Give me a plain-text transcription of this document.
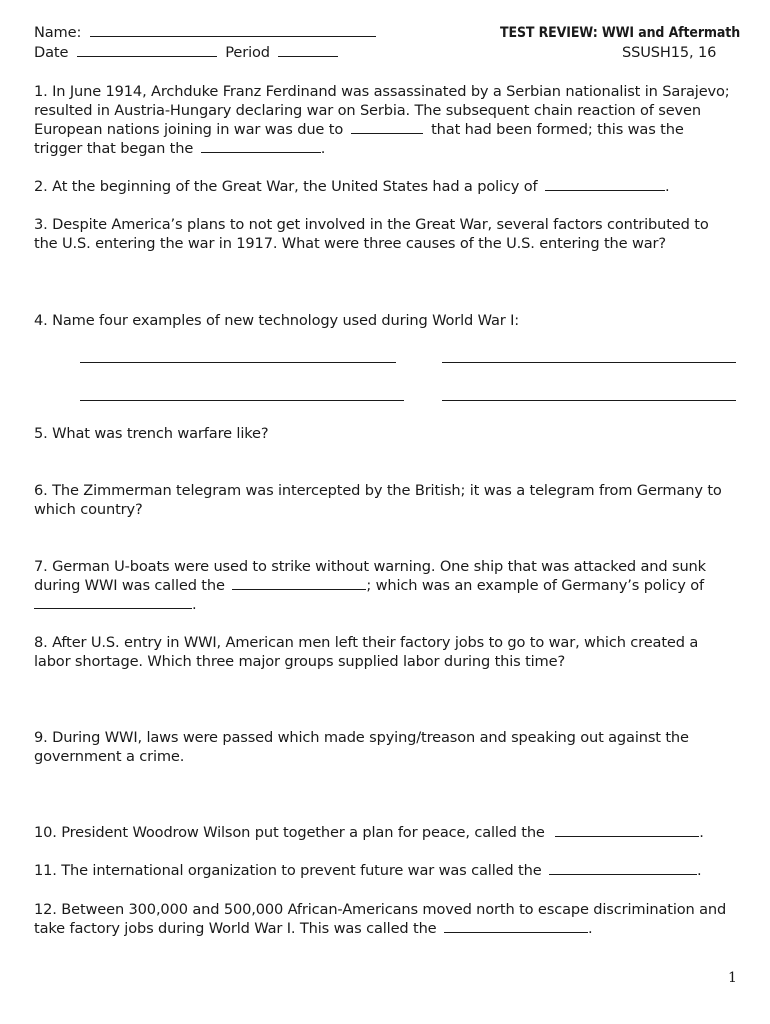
Name:	TEST REVIEW: WWI and Aftermath
Date	Period	SSUSH15, 16
1. In June 1914, Archduke Franz Ferdinand was assassinated by a Serbian nationalist in Sarajevo;
resulted in Austria-Hungary declaring war on Serbia. The subsequent chain reaction of seven
European nations joining in war was due to	that had been formed; this was the
trigger that began the	.
2. At the beginning of the Great War, the United States had a policy of	.
3. Despite America’s plans to not get involved in the Great War, several factors contributed to
the U.S. entering the war in 1917. What were three causes of the U.S. entering the war?
4. Name four examples of new technology used during World War I:
5. What was trench warfare like?
6. The Zimmerman telegram was intercepted by the British; it was a telegram from Germany to
which country?
7. German U-boats were used to strike without warning. One ship that was attacked and sunk
during WWI was called the	; which was an example of Germany’s policy of
.
8. After U.S. entry in WWI, American men left their factory jobs to go to war, which created a
labor shortage. Which three major groups supplied labor during this time?
9. During WWI, laws were passed which made spying/treason and speaking out against the
government a crime.
10. President Woodrow Wilson put together a plan for peace, called the	.
11. The international organization to prevent future war was called the	.
12. Between 300,000 and 500,000 African-Americans moved north to escape discrimination and
take factory jobs during World War I. This was called the	.
1
